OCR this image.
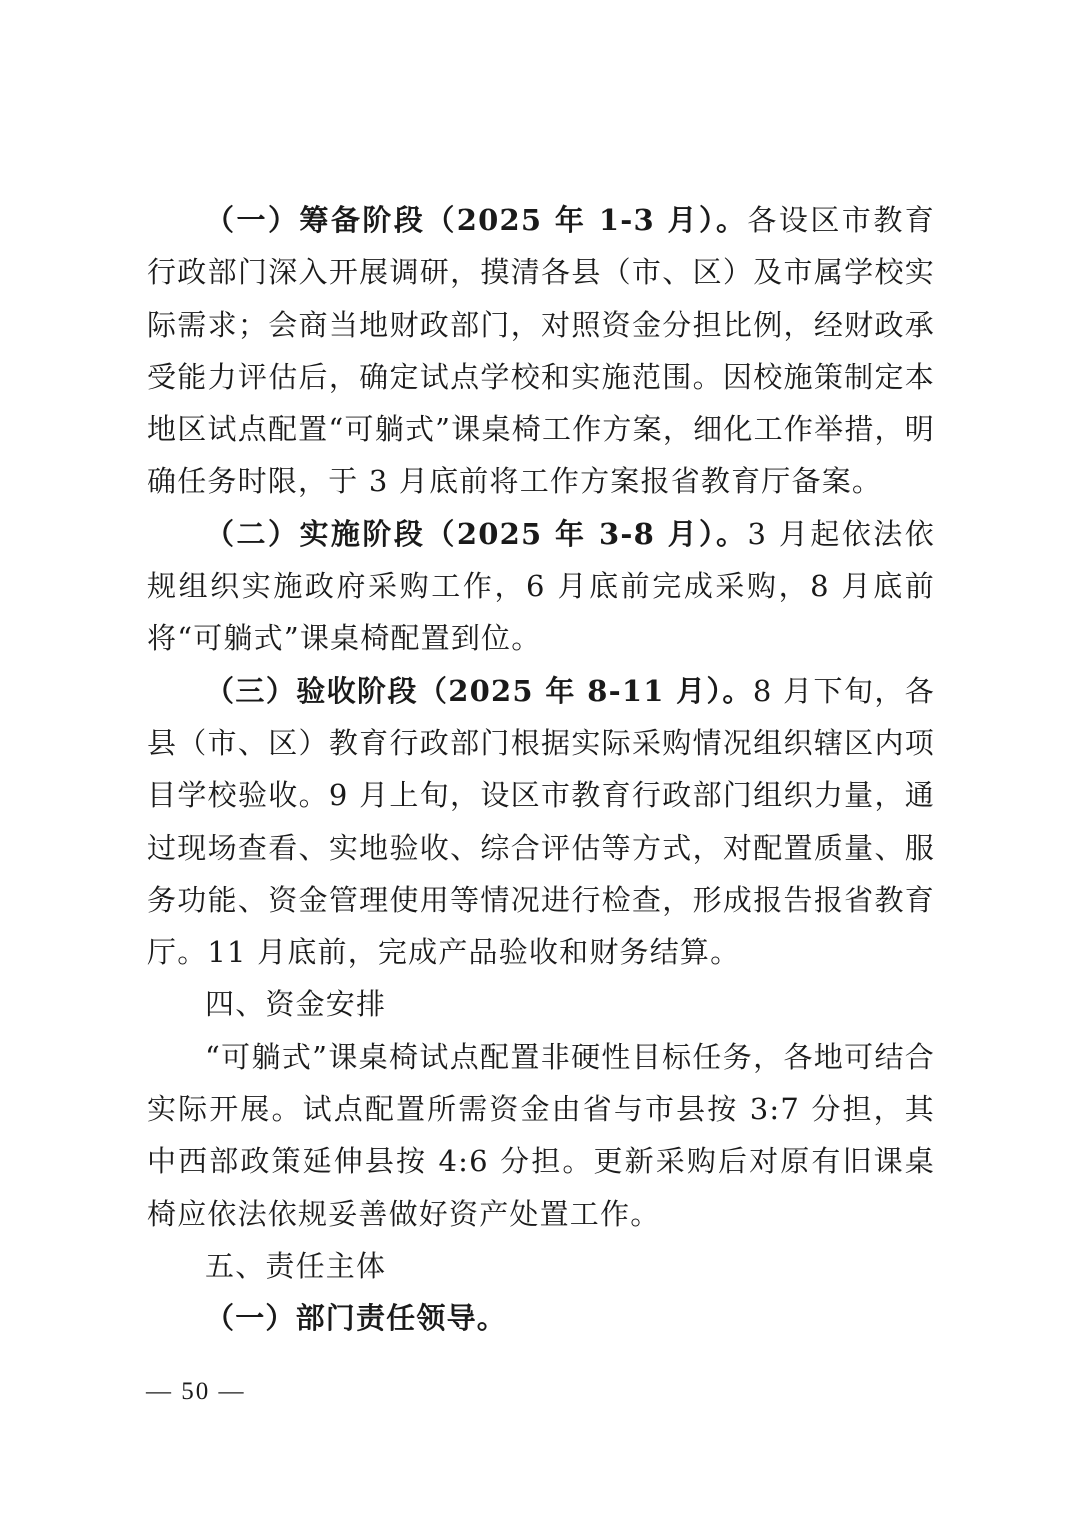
（一）筹备阶段（2025 年 1-3 月）。各设区市教育行政部门深入开展调研，摸清各县（市、区）及市属学校实际需求；会商当地财政部门，对照资金分担比例，经财政承受能力评估后，确定试点学校和实施范围。因校施策制定本地区试点配置“可躺式”课桌椅工作方案，细化工作举措，明确任务时限，于 3 月底前将工作方案报省教育厅备案。

（二）实施阶段（2025 年 3-8 月）。3 月起依法依规组织实施政府采购工作，6 月底前完成采购，8 月底前将“可躺式”课桌椅配置到位。

（三）验收阶段（2025 年 8-11 月）。8 月下旬，各县（市、区）教育行政部门根据实际采购情况组织辖区内项目学校验收。9 月上旬，设区市教育行政部门组织力量，通过现场查看、实地验收、综合评估等方式，对配置质量、服务功能、资金管理使用等情况进行检查，形成报告报省教育厅。11 月底前，完成产品验收和财务结算。

四、资金安排

“可躺式”课桌椅试点配置非硬性目标任务，各地可结合实际开展。试点配置所需资金由省与市县按 3:7 分担，其中西部政策延伸县按 4:6 分担。更新采购后对原有旧课桌椅应依法依规妥善做好资产处置工作。

五、责任主体

（一）部门责任领导。

— 50 —
